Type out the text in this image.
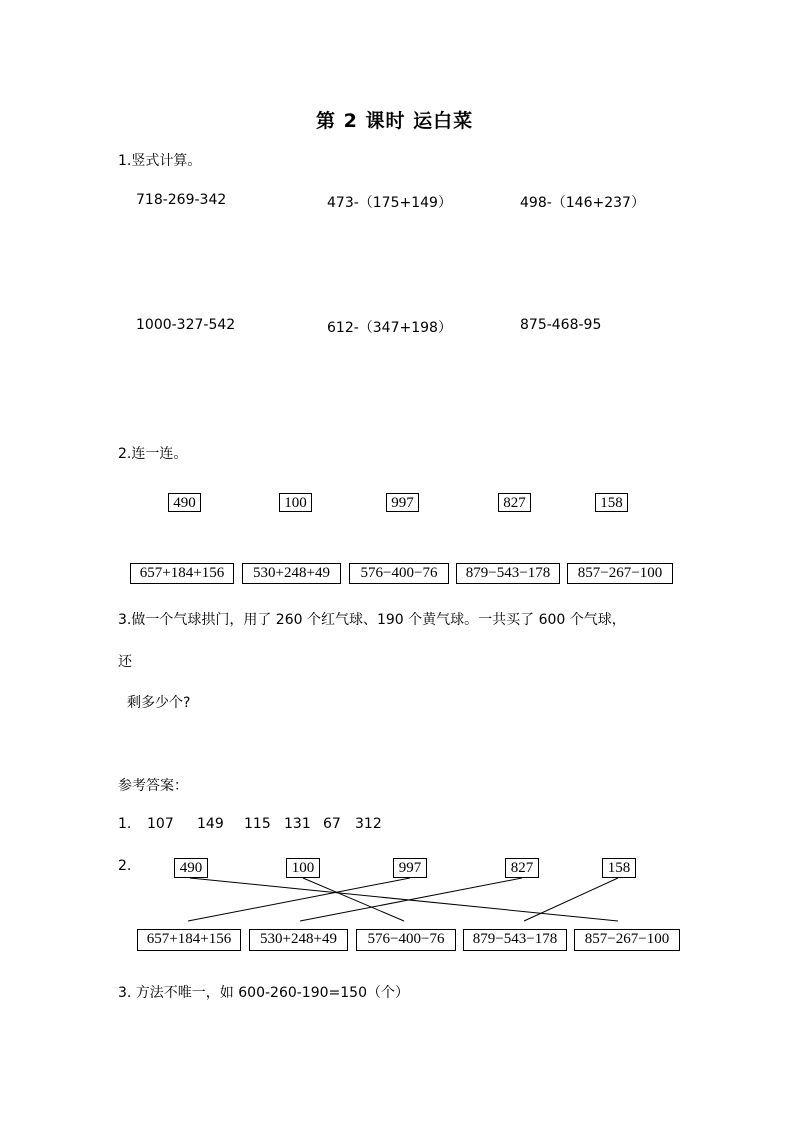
第 2 课时 运白菜
1.竖式计算。
718-269-342	473-（175+149）	498-（146+237）
1000-327-542	612-（347+198）	875-468-95
2.连一连。
490	100	997	827	158
657+184+156	530+248+49	576−400−76	879−543−178	857−267−100
3.做一个气球拱门，用了 260 个红气球、190 个黄气球。一共买了 600 个气球，
还
剩多少个?
参考答案：
1. 107 149 115 131 67 312
2.	490	100	997	827	158
657+184+156	530+248+49	576−400−76	879−543−178	857−267−100
3. 方法不唯一，如 600-260-190=150（个）
